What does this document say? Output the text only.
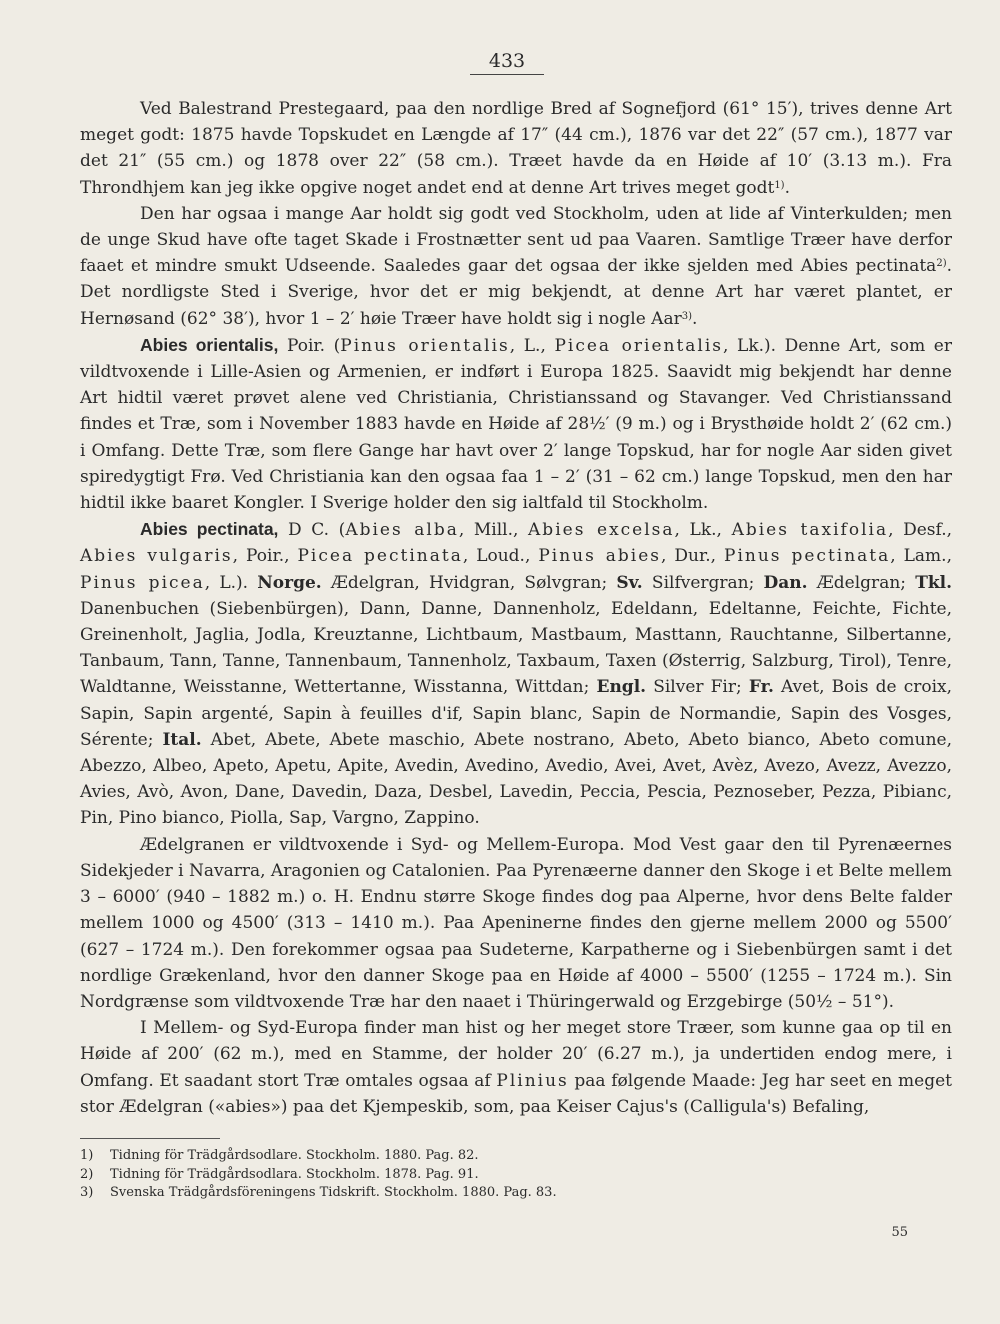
433

Ved Balestrand Prestegaard, paa den nordlige Bred af Sognefjord (61° 15′), trives denne Art meget godt: 1875 havde Topskudet en Længde af 17″ (44 cm.), 1876 var det 22″ (57 cm.), 1877 var det 21″ (55 cm.) og 1878 over 22″ (58 cm.). Træet havde da en Høide af 10′ (3.13 m.). Fra Throndhjem kan jeg ikke opgive noget andet end at denne Art trives meget godt$^{1)}$.

Den har ogsaa i mange Aar holdt sig godt ved Stockholm, uden at lide af Vinterkulden; men de unge Skud have ofte taget Skade i Frostnætter sent ud paa Vaaren. Samtlige Træer have derfor faaet et mindre smukt Udseende. Saaledes gaar det ogsaa der ikke sjelden med Abies pectinata$^{2)}$. Det nordligste Sted i Sverige, hvor det er mig bekjendt, at denne Art har været plantet, er Hernøsand (62° 38′), hvor 1 – 2′ høie Træer have holdt sig i nogle Aar$^{3)}$.

Abies orientalis, Poir. (Pinus orientalis, L., Picea orientalis, Lk.). Denne Art, som er vildtvoxende i Lille-Asien og Armenien, er indført i Europa 1825. Saavidt mig bekjendt har denne Art hidtil været prøvet alene ved Christiania, Christianssand og Stavanger. Ved Christianssand findes et Træ, som i November 1883 havde en Høide af 28½′ (9 m.) og i Brysthøide holdt 2′ (62 cm.) i Omfang. Dette Træ, som flere Gange har havt over 2′ lange Topskud, har for nogle Aar siden givet spiredygtigt Frø. Ved Christiania kan den ogsaa faa 1 – 2′ (31 – 62 cm.) lange Topskud, men den har hidtil ikke baaret Kongler. I Sverige holder den sig ialtfald til Stockholm.

Abies pectinata, D C. (Abies alba, Mill., Abies excelsa, Lk., Abies taxifolia, Desf., Abies vulgaris, Poir., Picea pectinata, Loud., Pinus abies, Dur., Pinus pectinata, Lam., Pinus picea, L.). Norge. Ædelgran, Hvidgran, Sølvgran; Sv. Silfvergran; Dan. Ædelgran; Tkl. Danenbuchen (Siebenbürgen), Dann, Danne, Dannenholz, Edeldann, Edeltanne, Feichte, Fichte, Greinenholt, Jaglia, Jodla, Kreuztanne, Lichtbaum, Mastbaum, Masttann, Rauchtanne, Silbertanne, Tanbaum, Tann, Tanne, Tannenbaum, Tannenholz, Taxbaum, Taxen (Østerrig, Salzburg, Tirol), Tenre, Waldtanne, Weisstanne, Wettertanne, Wisstanna, Wittdan; Engl. Silver Fir; Fr. Avet, Bois de croix, Sapin, Sapin argenté, Sapin à feuilles d'if, Sapin blanc, Sapin de Normandie, Sapin des Vosges, Sérente; Ital. Abet, Abete, Abete maschio, Abete nostrano, Abeto, Abeto bianco, Abeto comune, Abezzo, Albeo, Apeto, Apetu, Apite, Avedin, Avedino, Avedio, Avei, Avet, Avèz, Avezo, Avezz, Avezzo, Avies, Avò, Avon, Dane, Davedin, Daza, Desbel, Lavedin, Peccia, Pescia, Peznoseber, Pezza, Pibianc, Pin, Pino bianco, Piolla, Sap, Vargno, Zappino.

Ædelgranen er vildtvoxende i Syd- og Mellem-Europa. Mod Vest gaar den til Pyrenæernes Sidekjeder i Navarra, Aragonien og Catalonien. Paa Pyrenæerne danner den Skoge i et Belte mellem 3 – 6000′ (940 – 1882 m.) o. H. Endnu større Skoge findes dog paa Alperne, hvor dens Belte falder mellem 1000 og 4500′ (313 – 1410 m.). Paa Apeninerne findes den gjerne mellem 2000 og 5500′ (627 – 1724 m.). Den forekommer ogsaa paa Sudeterne, Karpatherne og i Siebenbürgen samt i det nordlige Grækenland, hvor den danner Skoge paa en Høide af 4000 – 5500′ (1255 – 1724 m.). Sin Nordgrænse som vildtvoxende Træ har den naaet i Thüringerwald og Erzgebirge (50½ – 51°).

I Mellem- og Syd-Europa finder man hist og her meget store Træer, som kunne gaa op til en Høide af 200′ (62 m.), med en Stamme, der holder 20′ (6.27 m.), ja undertiden endog mere, i Omfang. Et saadant stort Træ omtales ogsaa af Plinius paa følgende Maade: Jeg har seet en meget stor Ædelgran («abies») paa det Kjempeskib, som, paa Keiser Cajus's (Calligula's) Befaling,

1)	Tidning för Trädgårdsodlare. Stockholm. 1880. Pag. 82.
2)	Tidning för Trädgårdsodlara. Stockholm. 1878. Pag. 91.
3)	Svenska Trädgårdsföreningens Tidskrift. Stockholm. 1880. Pag. 83.
55
